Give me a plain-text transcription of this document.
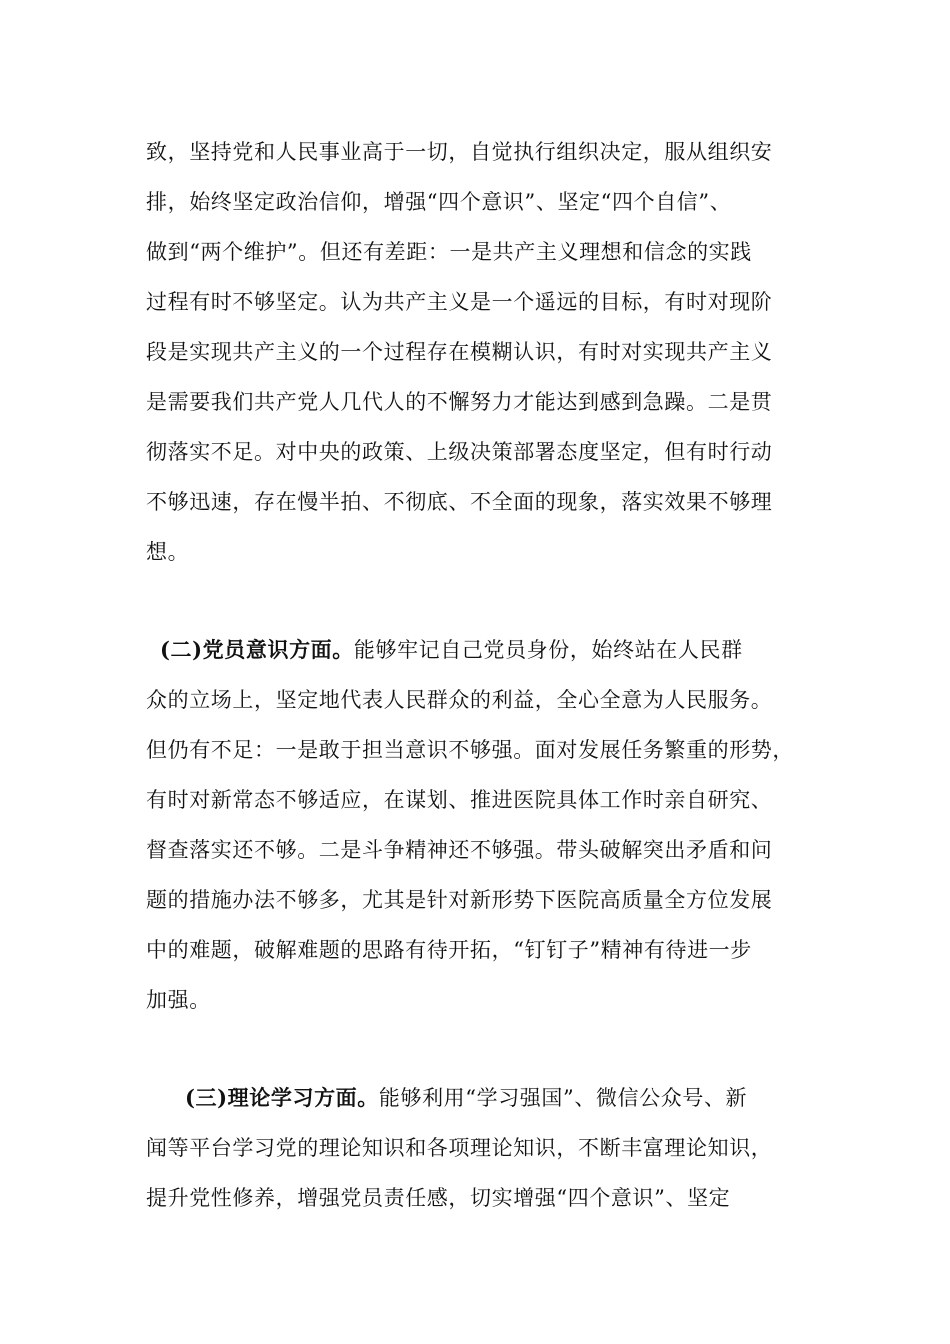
致，坚持党和人民事业高于一切，自觉执行组织决定，服从组织安
排，始终坚定政治信仰，增强“四个意识”、坚定“四个自信”、
做到“两个维护”。但还有差距：一是共产主义理想和信念的实践
过程有时不够坚定。认为共产主义是一个遥远的目标，有时对现阶
段是实现共产主义的一个过程存在模糊认识，有时对实现共产主义
是需要我们共产党人几代人的不懈努力才能达到感到急躁。二是贯
彻落实不足。对中央的政策、上级决策部署态度坚定，但有时行动
不够迅速，存在慢半拍、不彻底、不全面的现象，落实效果不够理
想。
(二)党员意识方面。能够牢记自己党员身份，始终站在人民群
众的立场上，坚定地代表人民群众的利益，全心全意为人民服务。
但仍有不足：一是敢于担当意识不够强。面对发展任务繁重的形势，
有时对新常态不够适应，在谋划、推进医院具体工作时亲自研究、
督查落实还不够。二是斗争精神还不够强。带头破解突出矛盾和问
题的措施办法不够多，尤其是针对新形势下医院高质量全方位发展
中的难题，破解难题的思路有待开拓，“钉钉子”精神有待进一步
加强。
(三)理论学习方面。能够利用“学习强国”、微信公众号、新
闻等平台学习党的理论知识和各项理论知识，不断丰富理论知识，
提升党性修养，增强党员责任感，切实增强“四个意识”、坚定
